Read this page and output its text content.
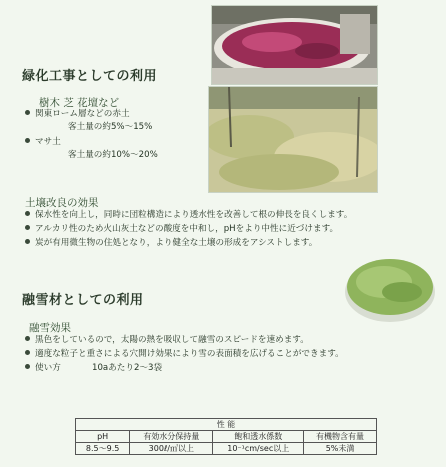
緑化工事としての利用
樹木 芝 花壇など
関東ローム層などの赤土
客土量の約5%～15%
マサ土
客土量の約10%～20%
土壌改良の効果
保水性を向上し，同時に団粒構造により透水性を改善して根の伸長を良くします。
アルカリ性のため火山灰土などの酸度を中和し，pHをより中性に近づけます。
炭が有用微生物の住処となり，より健全な土壌の形成をアシストします。
融雪材としての利用
融雪効果
黒色をしているので，太陽の熱を吸収して融雪のスピードを速めます。
適度な粒子と重さによる穴開け効果により雪の表面積を広げることができます。
使い方	10aあたり2～3袋
性 能			
pH	有効水分保持量	飽和透水係数	有機物含有量
8.5～9.5	300ℓ/㎥以上	10⁻¹cm/sec以上	5%未満
